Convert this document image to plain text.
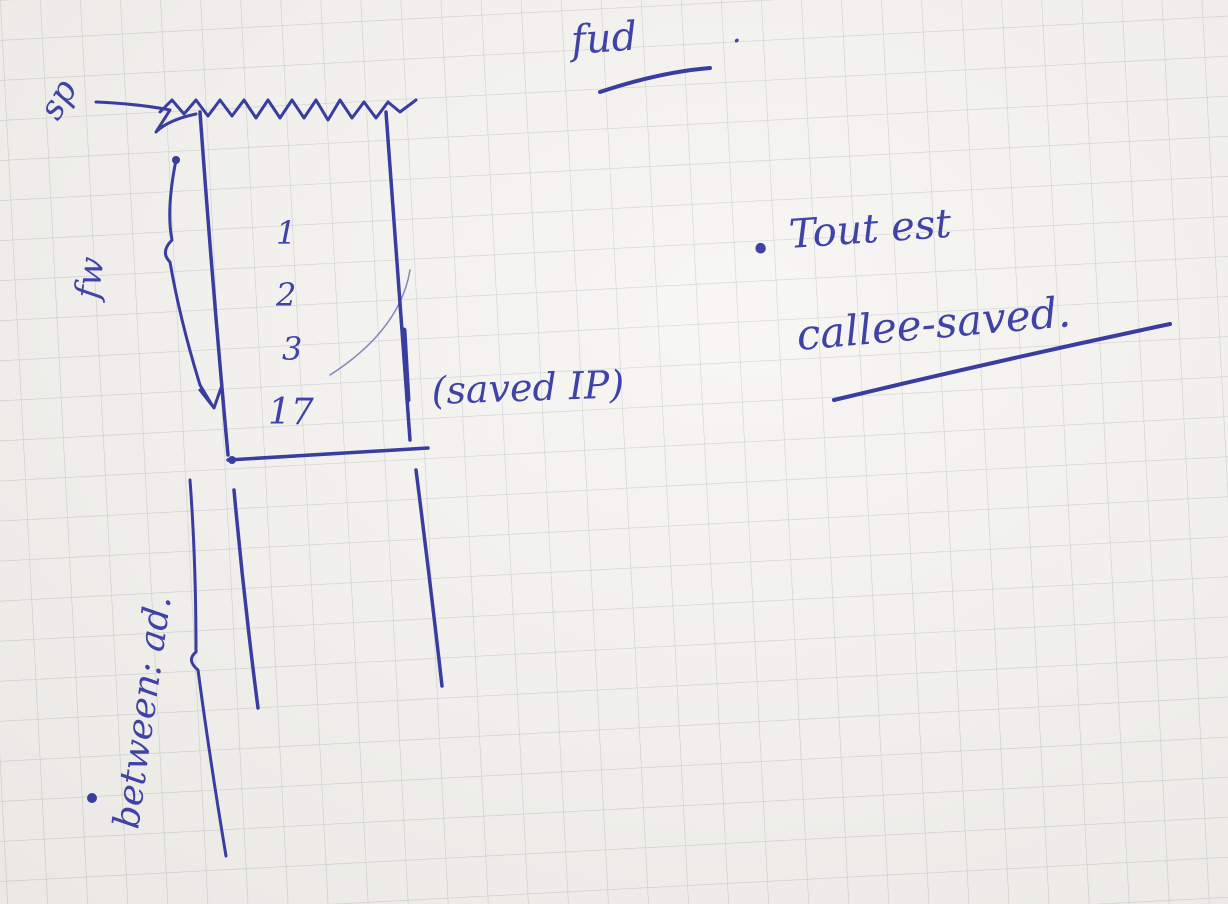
fud	.
sp
1
2
3
17
fw
(saved IP)
between: ad.
• Tout est
callee-saved.
